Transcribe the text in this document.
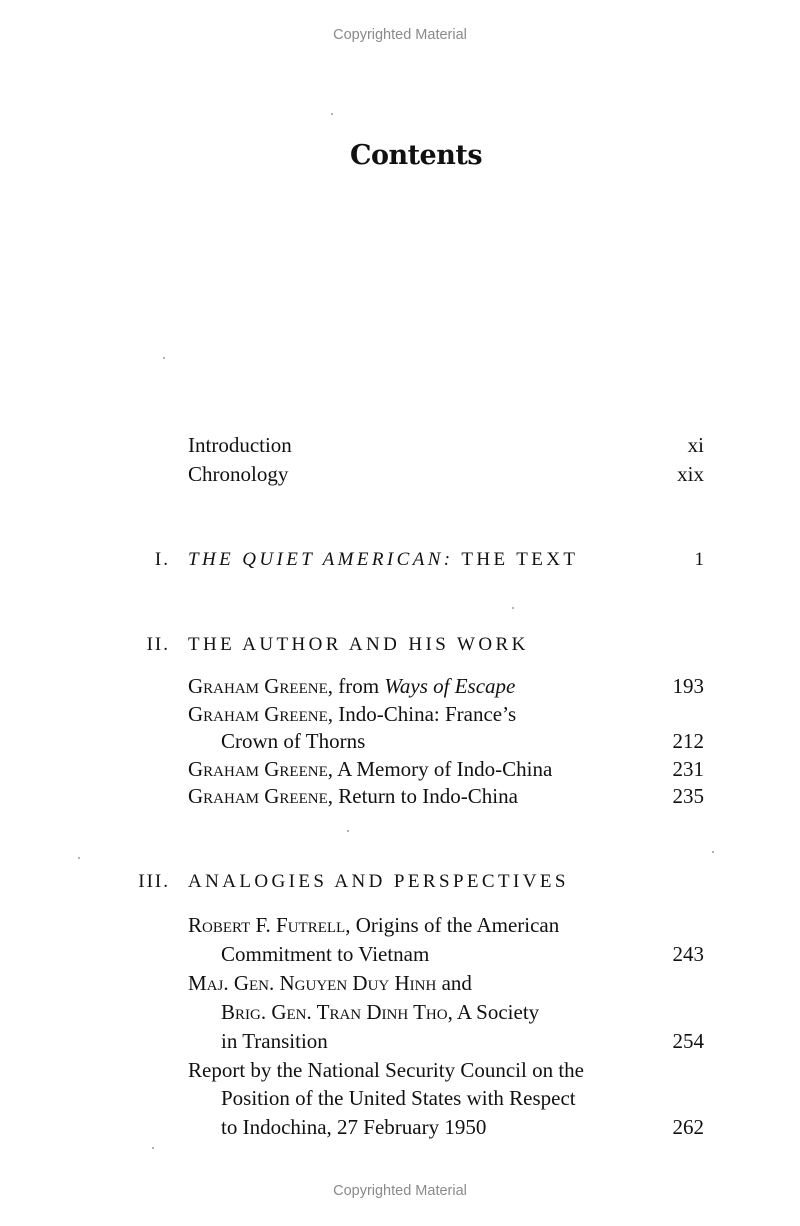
Copyrighted Material
Contents
Introduction	xi
Chronology	xix
I. THE QUIET AMERICAN: THE TEXT	1
II. THE AUTHOR AND HIS WORK
Graham Greene, from Ways of Escape	193
Graham Greene, Indo-China: France’s
Crown of Thorns	212
Graham Greene, A Memory of Indo-China	231
Graham Greene, Return to Indo-China	235
III. ANALOGIES AND PERSPECTIVES
Robert F. Futrell, Origins of the American
Commitment to Vietnam	243
Maj. Gen. Nguyen Duy Hinh and
Brig. Gen. Tran Dinh Tho, A Society
in Transition	254
Report by the National Security Council on the
Position of the United States with Respect
to Indochina, 27 February 1950	262
Copyrighted Material
